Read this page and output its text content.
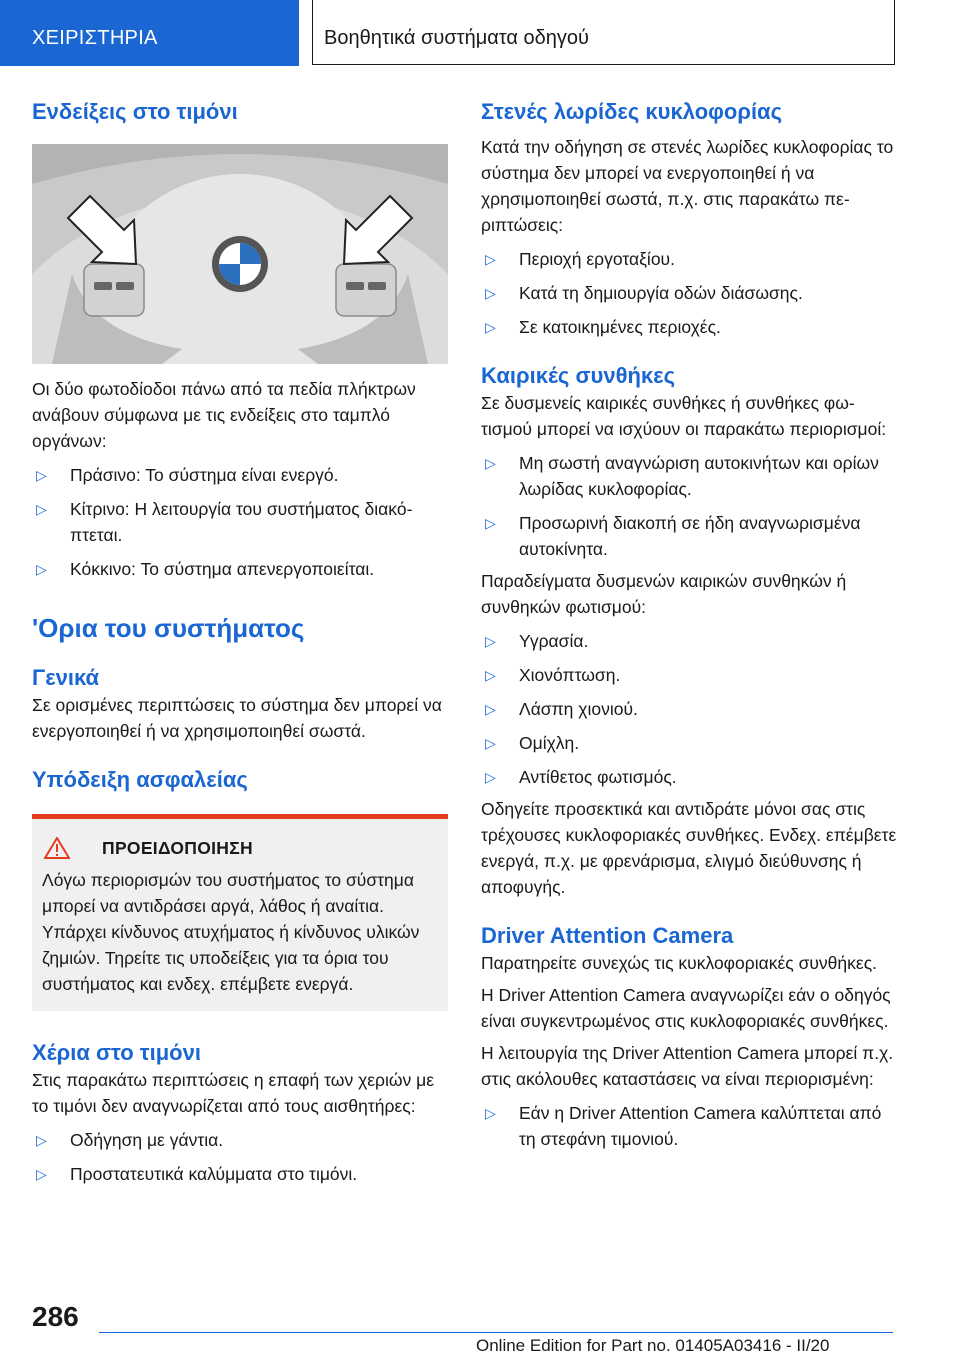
ΧΕΙΡΙΣΤΗΡΙΑ	Βοηθητικά συστήματα οδηγού
Ενδείξεις στο τιμόνι

Οι δύο φωτοδίοδοι πάνω από τα πεδία πλήκτρων ανάβουν σύμφωνα με τις ενδείξεις στο ταμπλό οργάνων:

▷ Πράσινο: Το σύστημα είναι ενεργό.
▷ Κίτρινο: Η λειτουργία του συστήματος διακόπτεται.
▷ Κόκκινο: Το σύστημα απενεργοποιείται.
'Ορια του συστήματος
Γενικά

Σε ορισμένες περιπτώσεις το σύστημα δεν μπορεί να ενεργοποιηθεί ή να χρησιμοποιηθεί σωστά.

Υπόδειξη ασφαλείας
ΠΡΟΕΙΔΟΠΟΙΗΣΗ

Λόγω περιορισμών του συστήματος το σύστημα μπορεί να αντιδράσει αργά, λάθος ή αναίτια. Υπάρχει κίνδυνος ατυχήματος ή κίνδυνος υλικών ζημιών. Τηρείτε τις υποδείξεις για τα όρια του συστήματος και ενδεχ. επέμβετε ενεργά.

Χέρια στο τιμόνι

Στις παρακάτω περιπτώσεις η επαφή των χεριών με το τιμόνι δεν αναγνωρίζεται από τους αισθητήρες:

▷ Οδήγηση με γάντια.
▷ Προστατευτικά καλύμματα στο τιμόνι.
Στενές λωρίδες κυκλοφορίας

Κατά την οδήγηση σε στενές λωρίδες κυκλοφορίας το σύστημα δεν μπορεί να ενεργοποιηθεί ή να χρησιμοποιηθεί σωστά, π.χ. στις παρακάτω περιπτώσεις:

▷ Περιοχή εργοταξίου.
▷ Κατά τη δημιουργία οδών διάσωσης.
▷ Σε κατοικημένες περιοχές.
Καιρικές συνθήκες

Σε δυσμενείς καιρικές συνθήκες ή συνθήκες φωτισμού μπορεί να ισχύουν οι παρακάτω περιορισμοί:

▷ Μη σωστή αναγνώριση αυτοκινήτων και ορίων λωρίδας κυκλοφορίας.
▷ Προσωρινή διακοπή σε ήδη αναγνωρισμένα αυτοκίνητα.

Παραδείγματα δυσμενών καιρικών συνθηκών ή συνθηκών φωτισμού:

▷ Υγρασία.
▷ Χιονόπτωση.
▷ Λάσπη χιονιού.
▷ Ομίχλη.
▷ Αντίθετος φωτισμός.

Οδηγείτε προσεκτικά και αντιδράτε μόνοι σας στις τρέχουσες κυκλοφοριακές συνθήκες. Ενδεχ. επέμβετε ενεργά, π.χ. με φρενάρισμα, ελιγμό διεύθυνσης ή αποφυγής.

Driver Attention Camera

Παρατηρείτε συνεχώς τις κυκλοφοριακές συνθήκες.

Η Driver Attention Camera αναγνωρίζει εάν ο οδηγός είναι συγκεντρωμένος στις κυκλοφοριακές συνθήκες.

Η λειτουργία της Driver Attention Camera μπορεί π.χ. στις ακόλουθες καταστάσεις να είναι περιορισμένη:

▷ Εάν η Driver Attention Camera καλύπτεται από τη στεφάνη τιμονιού.
286
Online Edition for Part no. 01405A03416 - II/20
